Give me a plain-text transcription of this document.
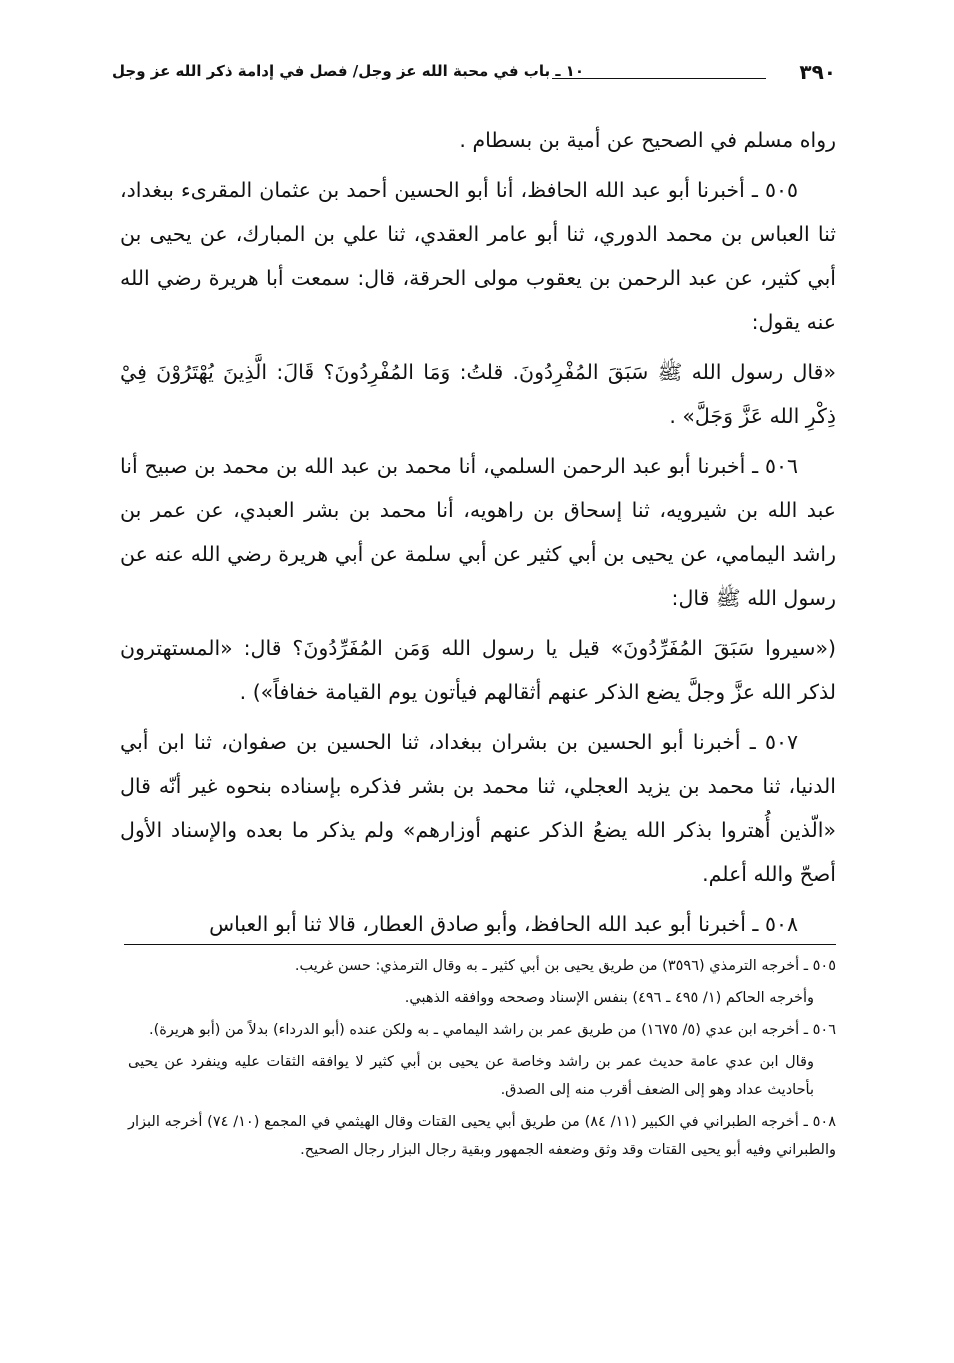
٣٩٠
١٠ ـ باب في محبة الله عز وجل/ فصل في إدامة ذكر الله عز وجل

رواه مسلم في الصحيح عن أمية بن بسطام .

٥٠٥ ـ أخبرنا أبو عبد الله الحافظ، أنا أبو الحسين أحمد بن عثمان المقرىء ببغداد، ثنا العباس بن محمد الدوري، ثنا أبو عامر العقدي، ثنا علي بن المبارك، عن يحيى بن أبي كثير، عن عبد الرحمن بن يعقوب مولى الحرقة، قال: سمعت أبا هريرة رضي الله عنه يقول:

«قال رسول الله ﷺ سَبَقَ المُفْرِدُونَ. قلتُ: وَمَا المُفْرِدُونَ؟ قَالَ: الَّذِينَ يُهْتَرُوْنَ فِيْ ذِكْرِ الله عَزَّ وَجَلَّ» .

٥٠٦ ـ أخبرنا أبو عبد الرحمن السلمي، أنا محمد بن عبد الله بن محمد بن صبيح أنا عبد الله بن شيرويه، ثنا إسحاق بن راهويه، أنا محمد بن بشر العبدي، عن عمر بن راشد اليمامي، عن يحيى بن أبي كثير عن أبي سلمة عن أبي هريرة رضي الله عنه عن رسول الله ﷺ قال:

(«سيروا سَبَقَ المُفَرِّدُونَ» قيل يا رسول الله وَمَن المُفَرِّدُونَ؟ قال: «المستهترون لذكر الله عزَّ وجلَّ يضع الذكر عنهم أثقالهم فيأتون يوم القيامة خفافاً») .

٥٠٧ ـ أخبرنا أبو الحسين بن بشران ببغداد، ثنا الحسين بن صفوان، ثنا ابن أبي الدنيا، ثنا محمد بن يزيد العجلي، ثنا محمد بن بشر فذكره بإسناده بنحوه غير أنّه قال «الّذين أُهتروا بذكر الله يضعُ الذكر عنهم أوزارهم» ولم يذكر ما بعده والإسناد الأول أصحّ والله أعلم.

٥٠٨ ـ أخبرنا أبو عبد الله الحافظ، وأبو صادق العطار، قالا ثنا أبو العباس

٥٠٥ ـ أخرجه الترمذي (٣٥٩٦) من طريق يحيى بن أبي كثير ـ به وقال الترمذي: حسن غريب.

وأخرجه الحاكم (١/ ٤٩٥ ـ ٤٩٦) بنفس الإسناد وصححه ووافقه الذهبي.

٥٠٦ ـ أخرجه ابن عدي (٥/ ١٦٧٥) من طريق عمر بن راشد اليمامي ـ به ولكن عنده (أبو الدرداء) بدلاً من (أبو هريرة).

وقال ابن عدي عامة حديث عمر بن راشد وخاصة عن يحيى بن أبي كثير لا يوافقه الثقات عليه وينفرد عن يحيى بأحاديث عداد وهو إلى الضعف أقرب منه إلى الصدق.

٥٠٨ ـ أخرجه الطبراني في الكبير (١١/ ٨٤) من طريق أبي يحيى القتات وقال الهيثمي في المجمع (١٠/ ٧٤) أخرجه البزار والطبراني وفيه أبو يحيى القتات وقد وثق وضعفه الجمهور وبقية رجال البزار رجال الصحيح.
